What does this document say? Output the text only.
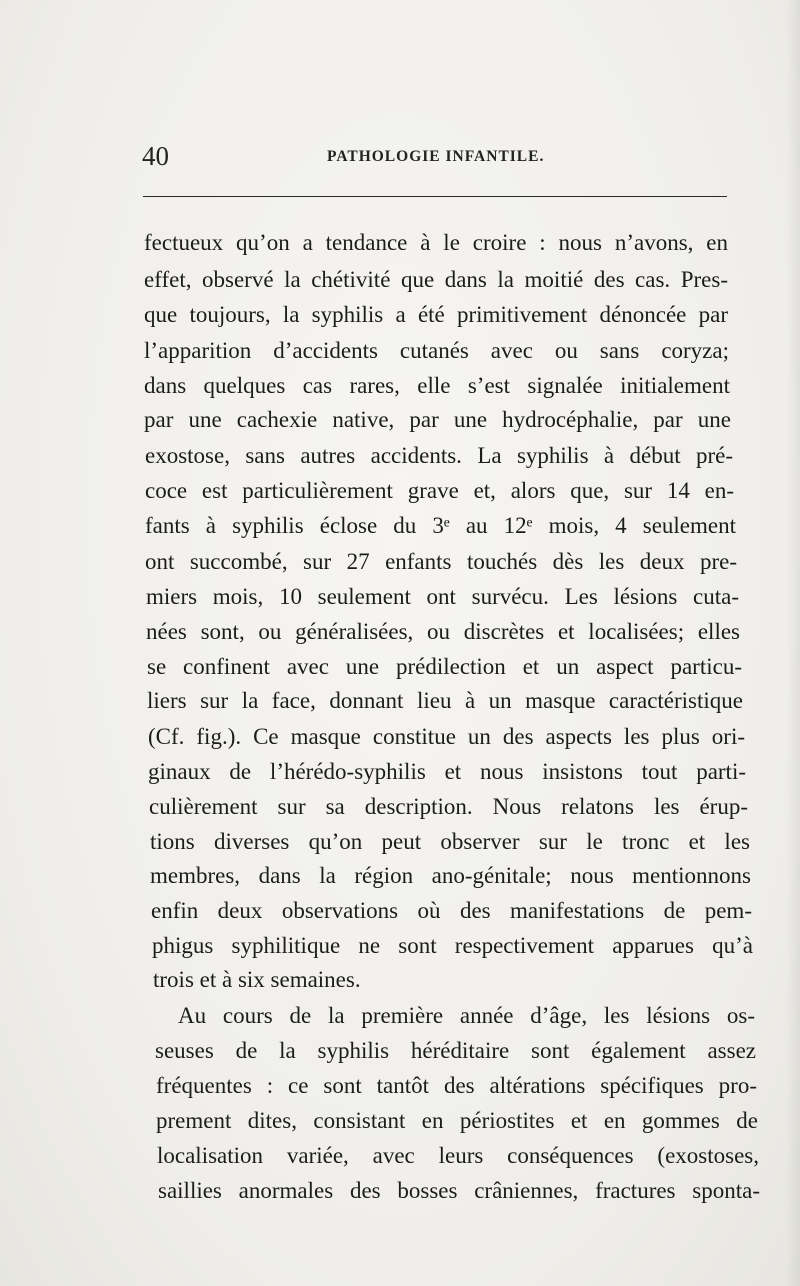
40	PATHOLOGIE INFANTILE.
fectueux qu’on a tendance à le croire : nous n’avons, en
effet, observé la chétivité que dans la moitié des cas. Pres-
que toujours, la syphilis a été primitivement dénoncée par
l’apparition d’accidents cutanés avec ou sans coryza;
dans quelques cas rares, elle s’est signalée initialement
par une cachexie native, par une hydrocéphalie, par une
exostose, sans autres accidents. La syphilis à début pré-
coce est particulièrement grave et, alors que, sur 14 en-
fants à syphilis éclose du 3ᵉ au 12ᵉ mois, 4 seulement
ont succombé, sur 27 enfants touchés dès les deux pre-
miers mois, 10 seulement ont survécu. Les lésions cuta-
nées sont, ou généralisées, ou discrètes et localisées; elles
se confinent avec une prédilection et un aspect particu-
liers sur la face, donnant lieu à un masque caractéristique
(Cf. fig.). Ce masque constitue un des aspects les plus ori-
ginaux de l’hérédo-syphilis et nous insistons tout parti-
culièrement sur sa description. Nous relatons les érup-
tions diverses qu’on peut observer sur le tronc et les
membres, dans la région ano-génitale; nous mentionnons
enfin deux observations où des manifestations de pem-
phigus syphilitique ne sont respectivement apparues qu’à
trois et à six semaines.
Au cours de la première année d’âge, les lésions os-
seuses de la syphilis héréditaire sont également assez
fréquentes : ce sont tantôt des altérations spécifiques pro-
prement dites, consistant en périostites et en gommes de
localisation variée, avec leurs conséquences (exostoses,
saillies anormales des bosses crâniennes, fractures sponta-
